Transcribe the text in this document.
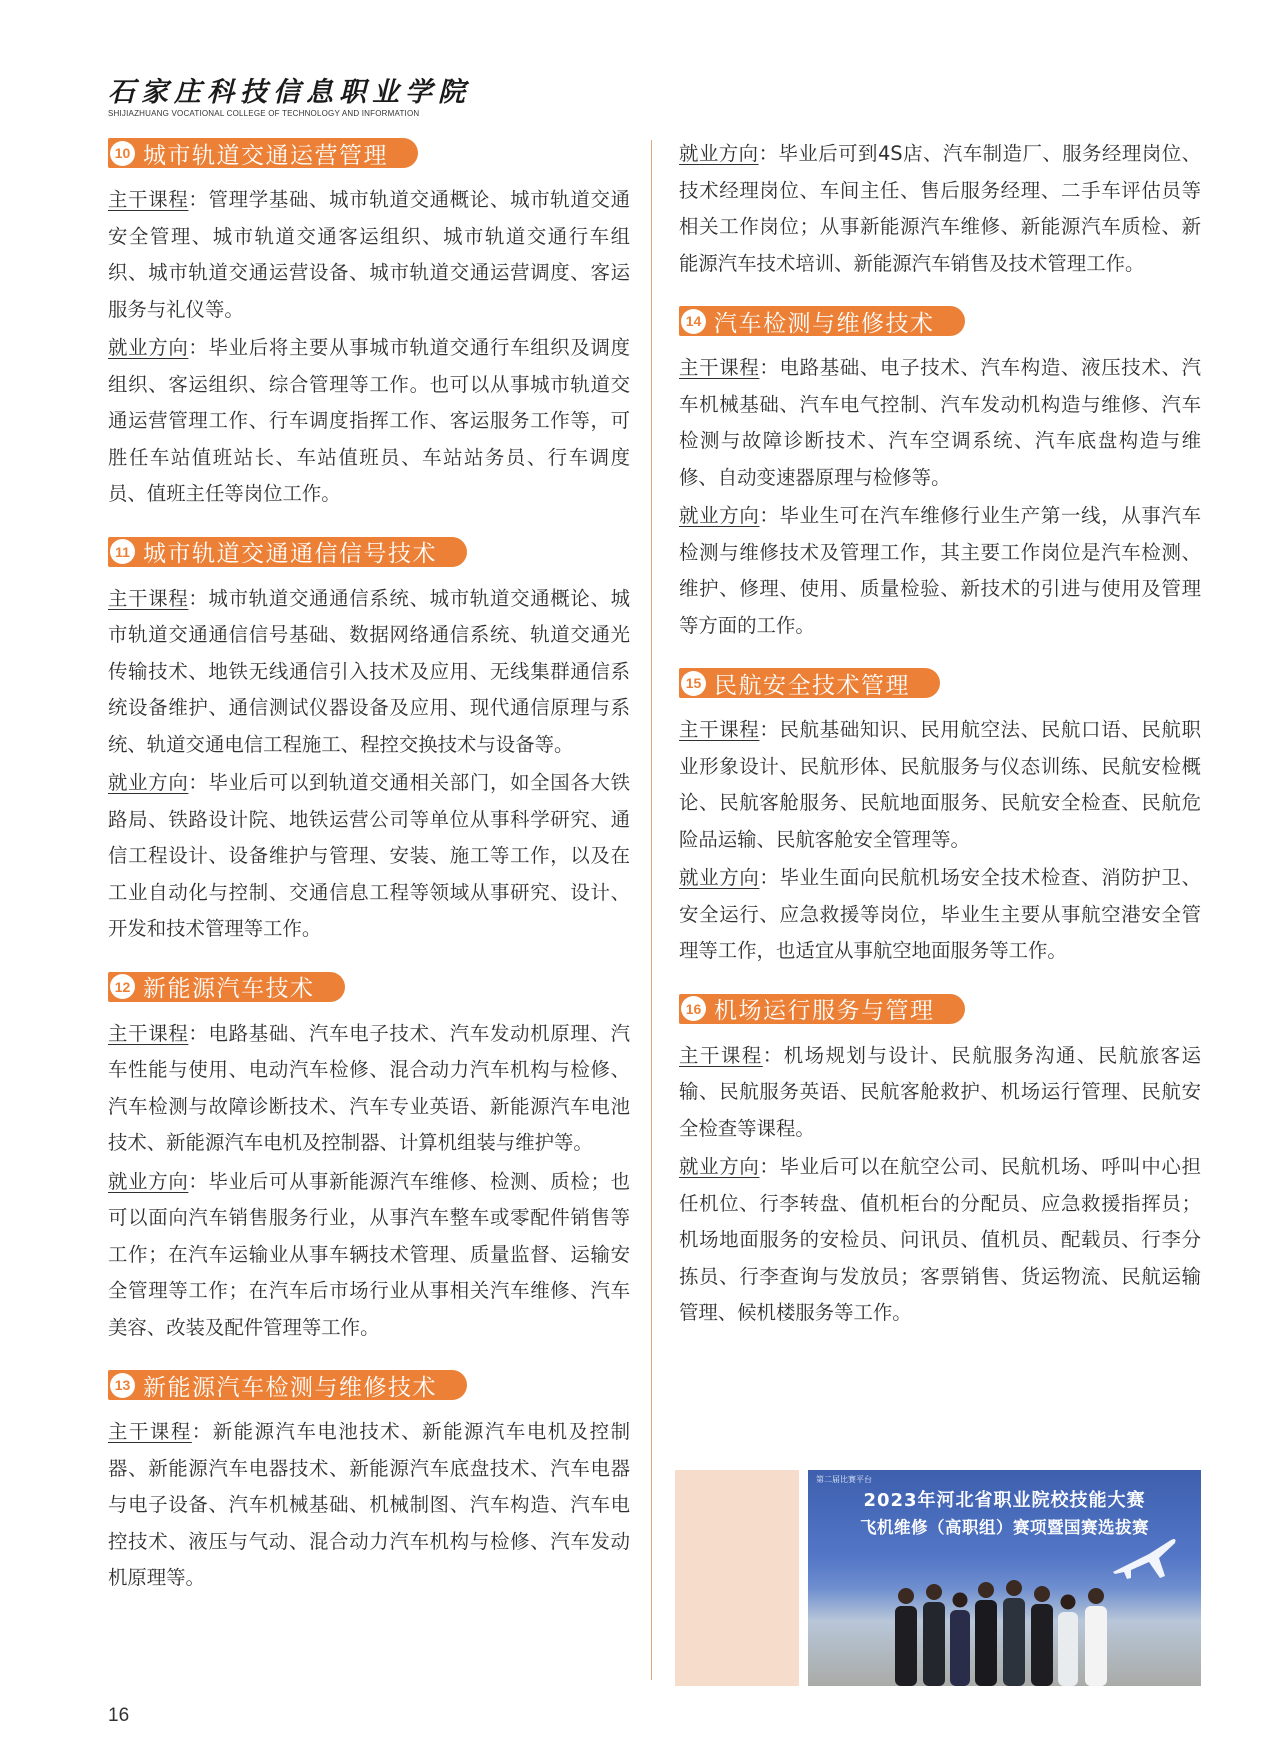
石家庄科技信息职业学院
SHIJIAZHUANG VOCATIONAL COLLEGE OF TECHNOLOGY AND INFORMATION
10 城市轨道交通运营管理

主干课程：管理学基础、城市轨道交通概论、城市轨道交通安全管理、城市轨道交通客运组织、城市轨道交通行车组织、城市轨道交通运营设备、城市轨道交通运营调度、客运服务与礼仪等。

就业方向：毕业后将主要从事城市轨道交通行车组织及调度组织、客运组织、综合管理等工作。也可以从事城市轨道交通运营管理工作、行车调度指挥工作、客运服务工作等，可胜任车站值班站长、车站值班员、车站站务员、行车调度员、值班主任等岗位工作。

11 城市轨道交通通信信号技术

主干课程：城市轨道交通通信系统、城市轨道交通概论、城市轨道交通通信信号基础、数据网络通信系统、轨道交通光传输技术、地铁无线通信引入技术及应用、无线集群通信系统设备维护、通信测试仪器设备及应用、现代通信原理与系统、轨道交通电信工程施工、程控交换技术与设备等。

就业方向：毕业后可以到轨道交通相关部门，如全国各大铁路局、铁路设计院、地铁运营公司等单位从事科学研究、通信工程设计、设备维护与管理、安装、施工等工作，以及在工业自动化与控制、交通信息工程等领域从事研究、设计、开发和技术管理等工作。

12 新能源汽车技术

主干课程：电路基础、汽车电子技术、汽车发动机原理、汽车性能与使用、电动汽车检修、混合动力汽车机构与检修、汽车检测与故障诊断技术、汽车专业英语、新能源汽车电池技术、新能源汽车电机及控制器、计算机组装与维护等。

就业方向：毕业后可从事新能源汽车维修、检测、质检；也可以面向汽车销售服务行业，从事汽车整车或零配件销售等工作；在汽车运输业从事车辆技术管理、质量监督、运输安全管理等工作；在汽车后市场行业从事相关汽车维修、汽车美容、改装及配件管理等工作。

13 新能源汽车检测与维修技术

主干课程：新能源汽车电池技术、新能源汽车电机及控制器、新能源汽车电器技术、新能源汽车底盘技术、汽车电器与电子设备、汽车机械基础、机械制图、汽车构造、汽车电控技术、液压与气动、混合动力汽车机构与检修、汽车发动机原理等。

就业方向：毕业后可到4S店、汽车制造厂、服务经理岗位、技术经理岗位、车间主任、售后服务经理、二手车评估员等相关工作岗位；从事新能源汽车维修、新能源汽车质检、新能源汽车技术培训、新能源汽车销售及技术管理工作。

14 汽车检测与维修技术

主干课程：电路基础、电子技术、汽车构造、液压技术、汽车机械基础、汽车电气控制、汽车发动机构造与维修、汽车检测与故障诊断技术、汽车空调系统、汽车底盘构造与维修、自动变速器原理与检修等。

就业方向：毕业生可在汽车维修行业生产第一线，从事汽车检测与维修技术及管理工作，其主要工作岗位是汽车检测、维护、修理、使用、质量检验、新技术的引进与使用及管理等方面的工作。

15 民航安全技术管理

主干课程：民航基础知识、民用航空法、民航口语、民航职业形象设计、民航形体、民航服务与仪态训练、民航安检概论、民航客舱服务、民航地面服务、民航安全检查、民航危险品运输、民航客舱安全管理等。

就业方向：毕业生面向民航机场安全技术检查、消防护卫、安全运行、应急救援等岗位，毕业生主要从事航空港安全管理等工作，也适宜从事航空地面服务等工作。

16 机场运行服务与管理

主干课程：机场规划与设计、民航服务沟通、民航旅客运输、民航服务英语、民航客舱救护、机场运行管理、民航安全检查等课程。

就业方向：毕业后可以在航空公司、民航机场、呼叫中心担任机位、行李转盘、值机柜台的分配员、应急救援指挥员；机场地面服务的安检员、问讯员、值机员、配载员、行李分拣员、行李查询与发放员；客票销售、货运物流、民航运输管理、候机楼服务等工作。

第二届比赛平台
2023年河北省职业院校技能大赛
飞机维修（高职组）赛项暨国赛选拔赛
16
